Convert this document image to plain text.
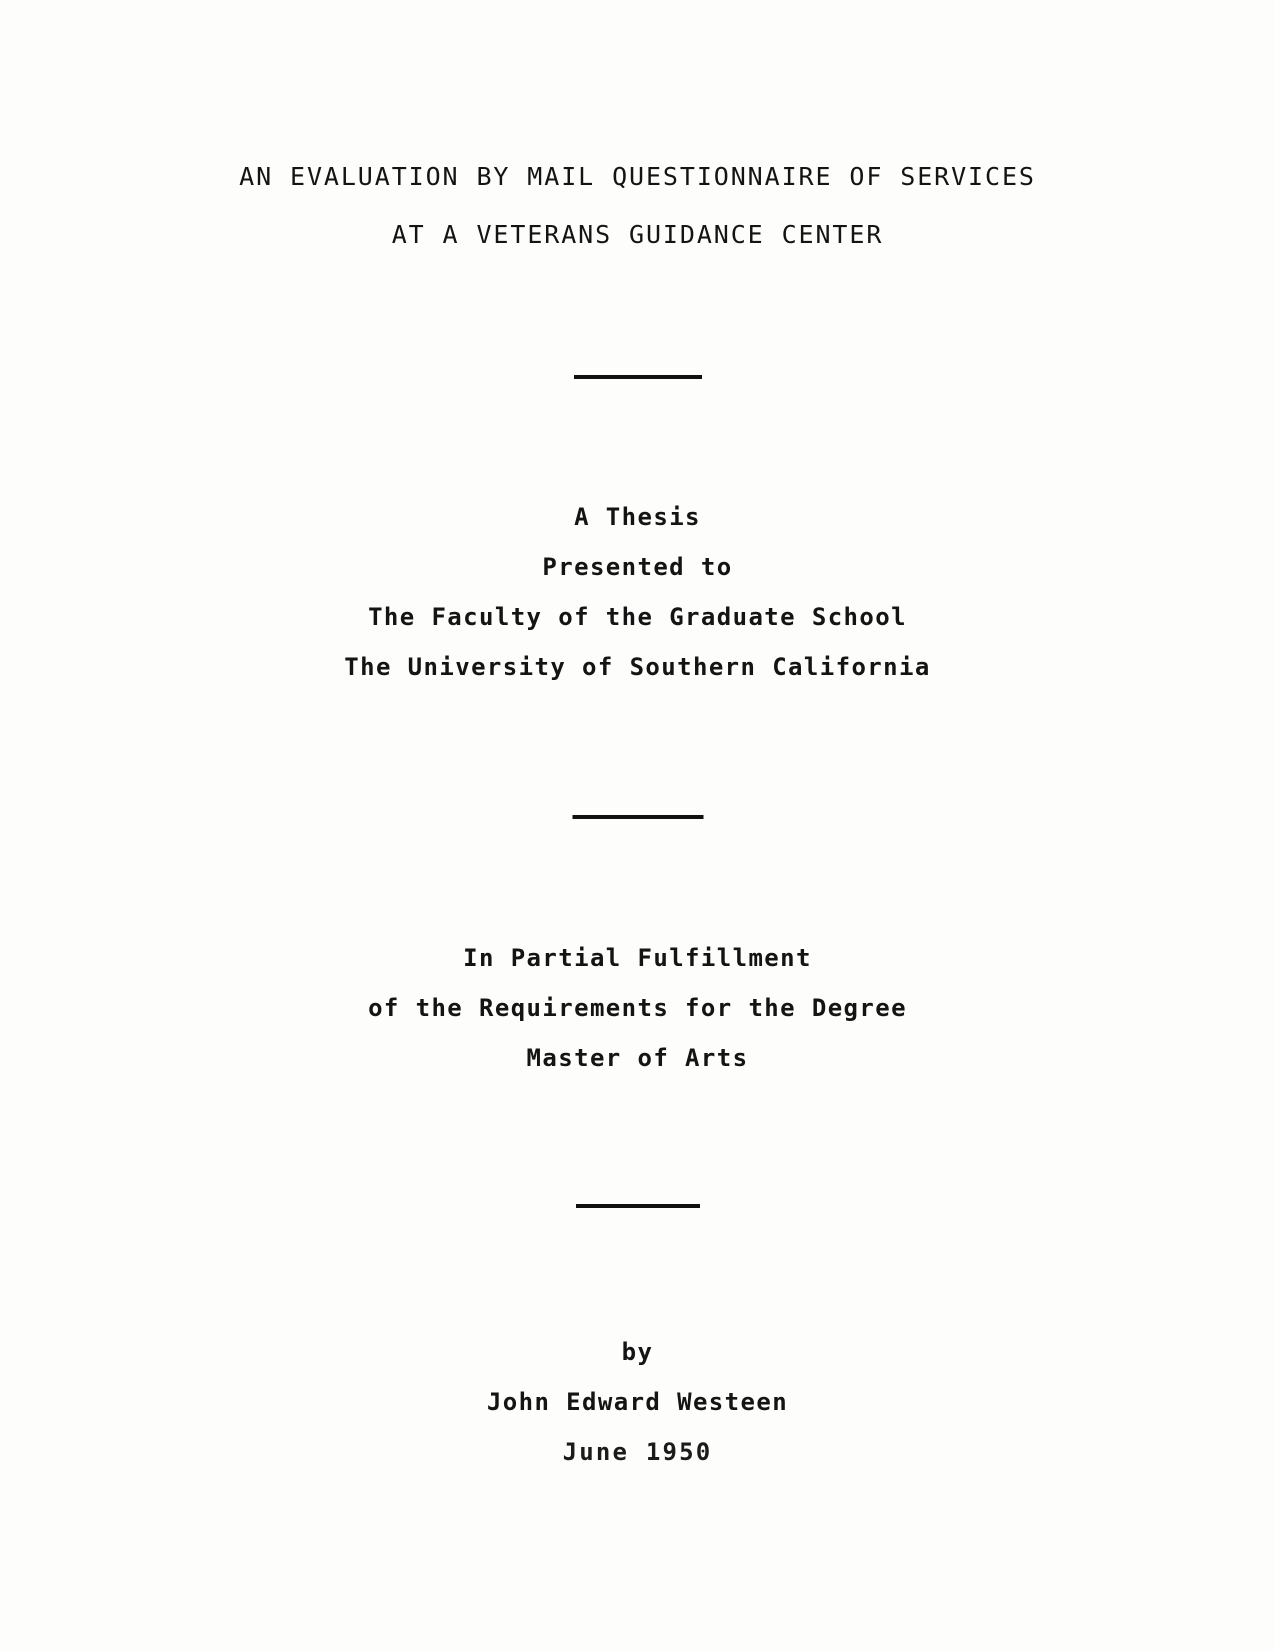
AN EVALUATION BY MAIL QUESTIONNAIRE OF SERVICES
AT A VETERANS GUIDANCE CENTER
A Thesis
Presented to
The Faculty of the Graduate School
The University of Southern California
In Partial Fulfillment
of the Requirements for the Degree
Master of Arts
by
John Edward Westeen
June 1950
